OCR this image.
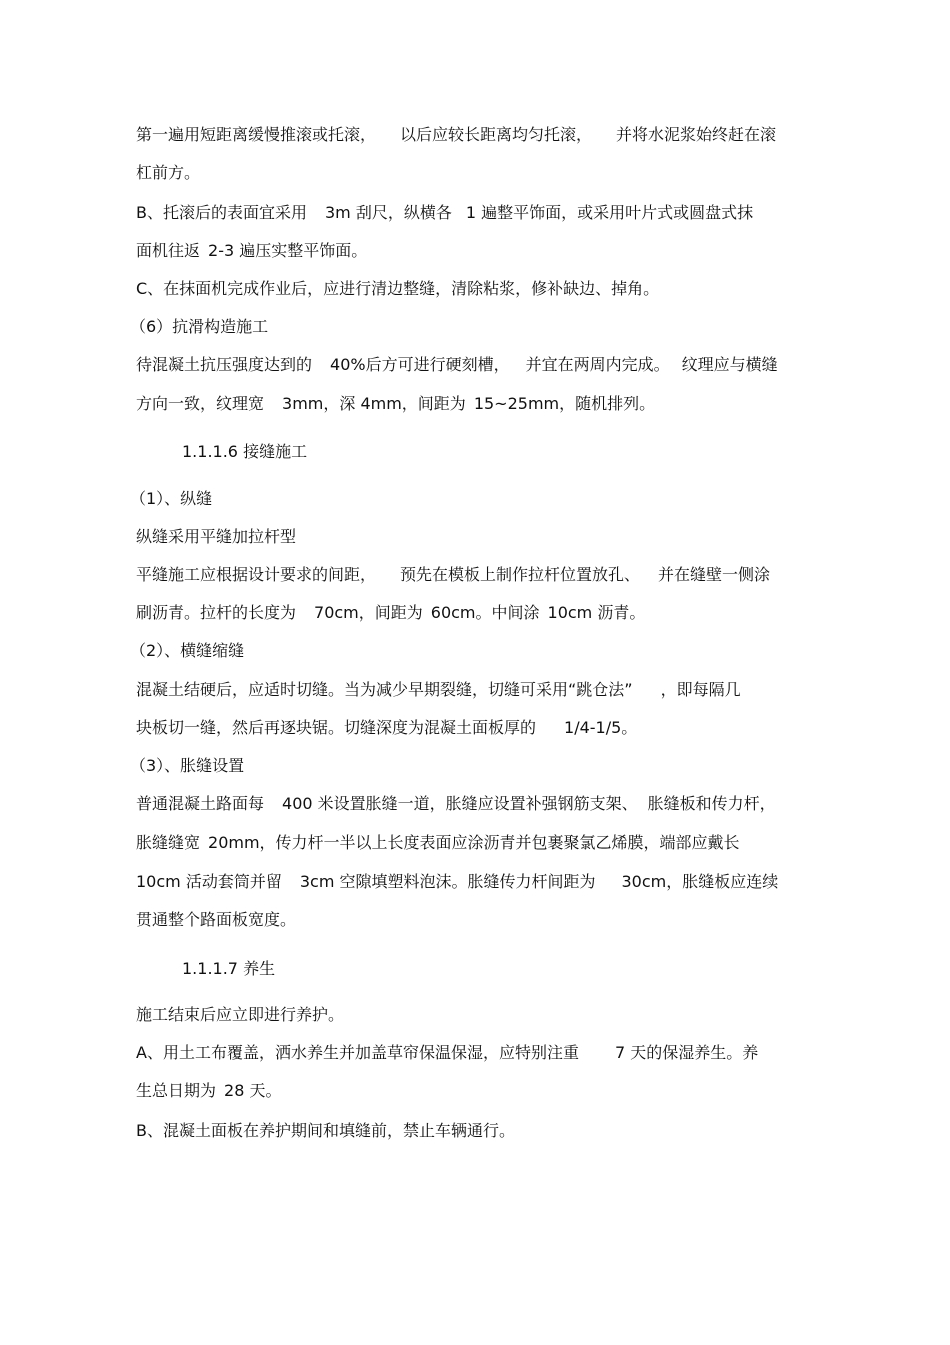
第一遍用短距离缓慢推滚或托滚， 以后应较长距离均匀托滚， 并将水泥浆始终赶在滚
杠前方。
B、托滚后的表面宜采用 3m 刮尺，纵横各 1 遍整平饰面，或采用叶片式或圆盘式抹
面机往返 2-3 遍压实整平饰面。
C、在抹面机完成作业后，应进行清边整缝，清除粘浆，修补缺边、掉角。
（6）抗滑构造施工
待混凝土抗压强度达到的 40%后方可进行硬刻槽， 并宜在两周内完成。 纹理应与横缝
方向一致，纹理宽 3mm，深 4mm，间距为 15~25mm，随机排列。
1.1.1.6 接缝施工
（1）、纵缝
纵缝采用平缝加拉杆型
平缝施工应根据设计要求的间距， 预先在模板上制作拉杆位置放孔、 并在缝壁一侧涂
刷沥青。拉杆的长度为 70cm，间距为 60cm。中间涂 10cm 沥青。
（2）、横缝缩缝
混凝土结硬后，应适时切缝。当为减少早期裂缝，切缝可采用“跳仓法” ，即每隔几
块板切一缝，然后再逐块锯。切缝深度为混凝土面板厚的 1/4-1/5。
（3）、胀缝设置
普通混凝土路面每 400 米设置胀缝一道，胀缝应设置补强钢筋支架、 胀缝板和传力杆，
胀缝缝宽 20mm，传力杆一半以上长度表面应涂沥青并包裹聚氯乙烯膜，端部应戴长
10cm 活动套筒并留 3cm 空隙填塑料泡沫。胀缝传力杆间距为 30cm，胀缝板应连续
贯通整个路面板宽度。
1.1.1.7 养生
施工结束后应立即进行养护。
A、用土工布覆盖，洒水养生并加盖草帘保温保湿，应特别注重 7 天的保湿养生。养
生总日期为 28 天。
B、混凝土面板在养护期间和填缝前，禁止车辆通行。
